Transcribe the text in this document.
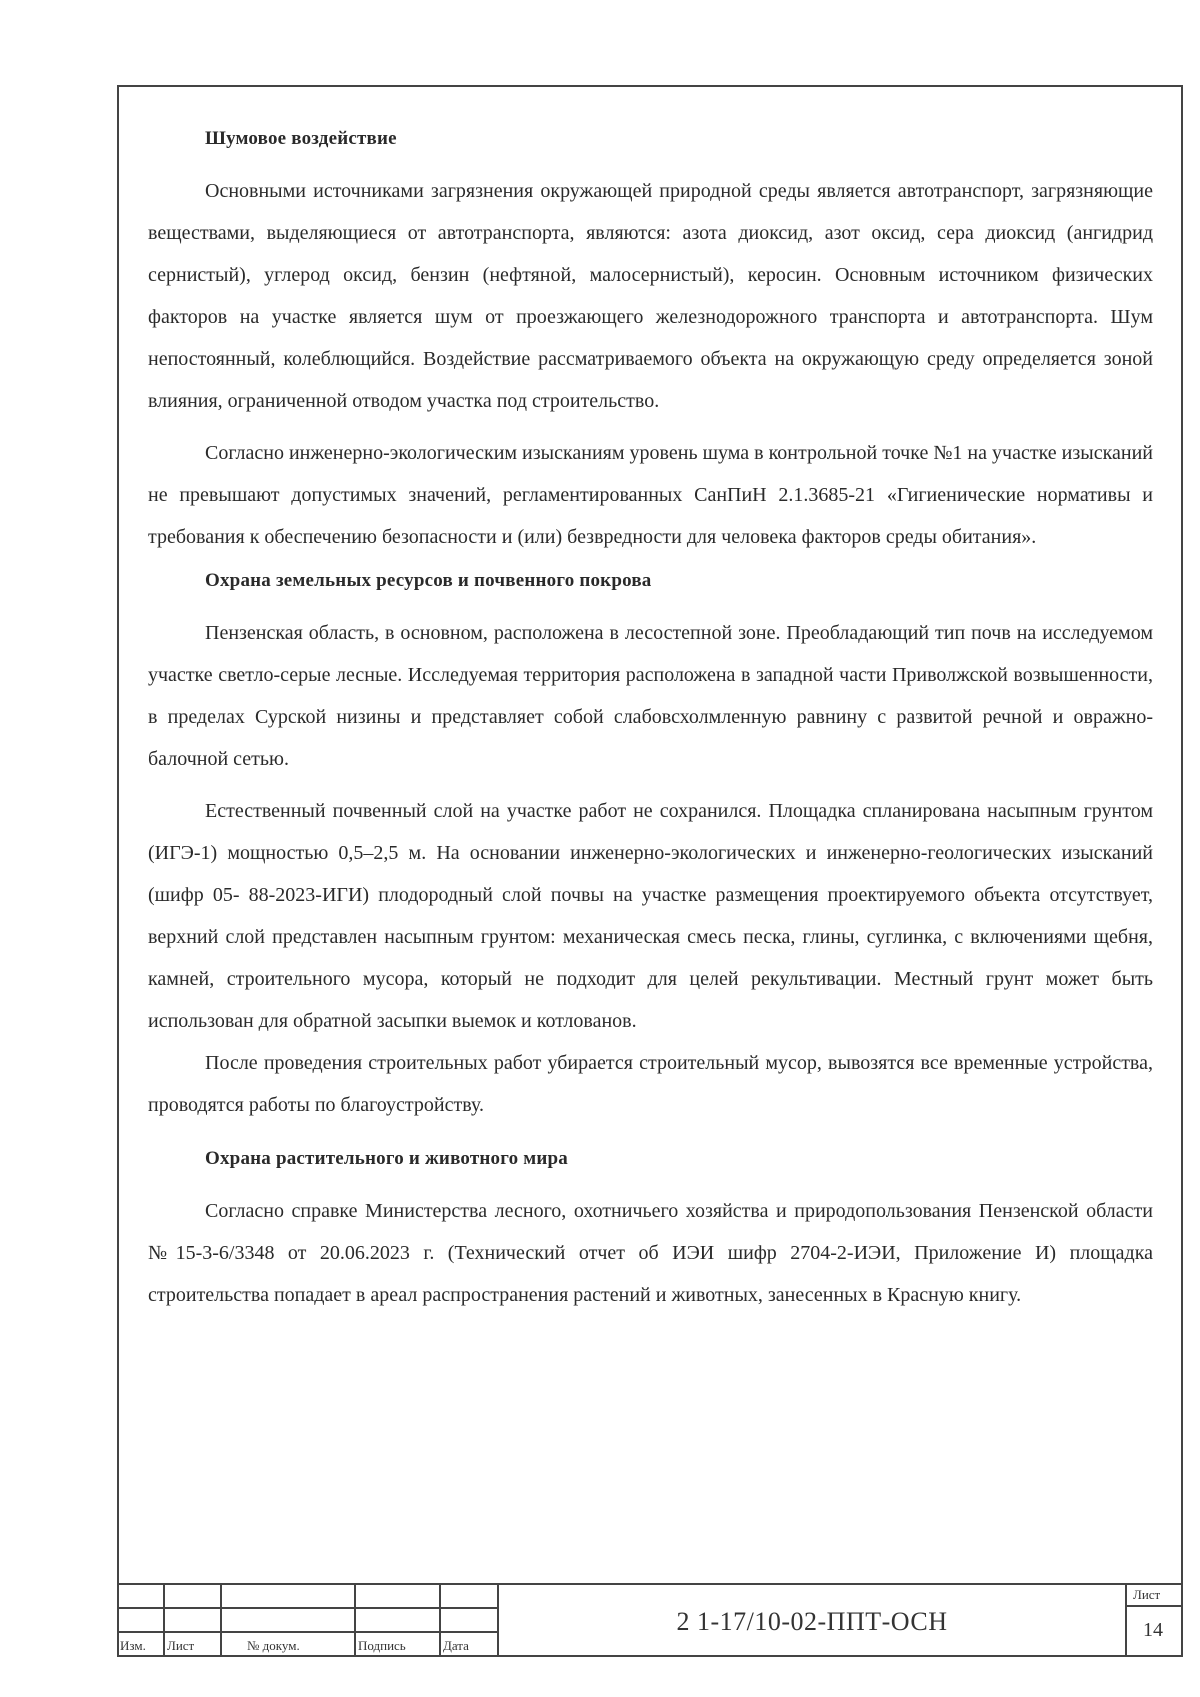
Шумовое воздействие

Основными источниками загрязнения окружающей природной среды является автотранспорт, загрязняющие веществами, выделяющиеся от автотранспорта, являются: азота диоксид, азот оксид, сера диоксид (ангидрид сернистый), углерод оксид, бензин (нефтяной, малосернистый), керосин. Основным источником физических факторов на участке является шум от проезжающего железнодорожного транспорта и автотранспорта. Шум непостоянный, колеблющийся. Воздействие рассматриваемого объекта на окружающую среду определяется зоной влияния, ограниченной отводом участка под строительство.

Согласно инженерно-экологическим изысканиям уровень шума в контрольной точке №1 на участке изысканий не превышают допустимых значений, регламентированных СанПиН 2.1.3685-21 «Гигиенические нормативы и требования к обеспечению безопасности и (или) безвредности для человека факторов среды обитания».

Охрана земельных ресурсов и почвенного покрова

Пензенская область, в основном, расположена в лесостепной зоне. Преобладающий тип почв на исследуемом участке светло-серые лесные. Исследуемая территория расположена в западной части Приволжской возвышенности, в пределах Сурской низины и представляет собой слабовсхолмленную равнину с развитой речной и овражно-балочной сетью.

Естественный почвенный слой на участке работ не сохранился. Площадка спланирована насыпным грунтом (ИГЭ-1) мощностью 0,5–2,5 м. На основании инженерно-экологических и инженерно-геологических изысканий (шифр 05- 88-2023-ИГИ) плодородный слой почвы на участке размещения проектируемого объекта отсутствует, верхний слой представлен насыпным грунтом: механическая смесь песка, глины, суглинка, с включениями щебня, камней, строительного мусора, который не подходит для целей рекультивации. Местный грунт может быть использован для обратной засыпки выемок и котлованов.

После проведения строительных работ убирается строительный мусор, вывозятся все временные устройства, проводятся работы по благоустройству.

Охрана растительного и животного мира

Согласно справке Министерства лесного, охотничьего хозяйства и природопользования Пензенской области №15-3-6/3348 от 20.06.2023 г. (Технический отчет об ИЭИ шифр 2704-2-ИЭИ, Приложение И) площадка строительства попадает в ареал распространения растений и животных, занесенных в Красную книгу.

Изм. Лист	№ докум.	Подпись	Дата
2 1-17/10-02-ППТ-ОСН
Лист
14
